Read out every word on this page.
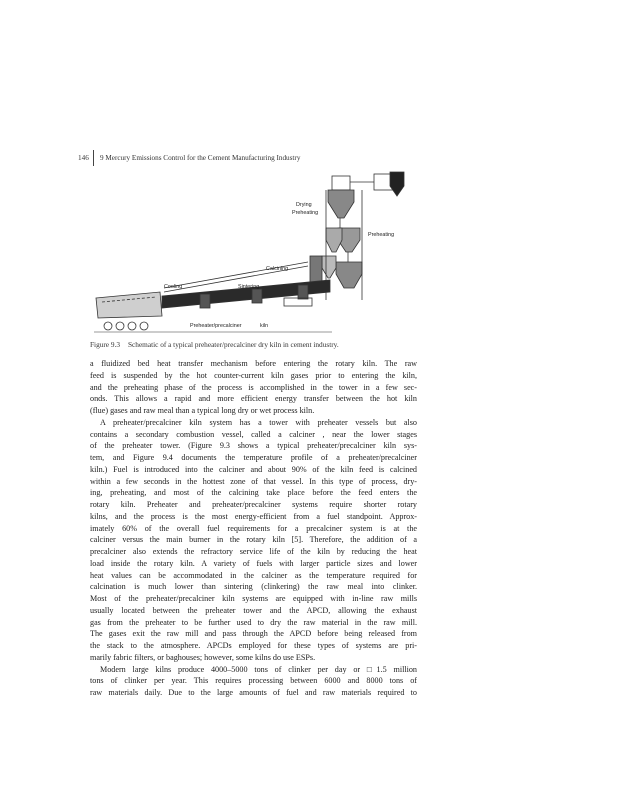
146 9 Mercury Emissions Control for the Cement Manufacturing Industry
Drying
Preheating
Preheating
Calcining
Sintering
Cooling
Preheater/precalciner	kiln
Figure 9.3 Schematic of a typical preheater/precalciner dry kiln in cement industry.
a fluidized bed heat transfer mechanism before entering the rotary kiln. The raw
feed is suspended by the hot counter-current kiln gases prior to entering the kiln,
and the preheating phase of the process is accomplished in the tower in a few sec-
onds. This allows a rapid and more efficient energy transfer between the hot kiln
(flue) gases and raw meal than a typical long dry or wet process kiln.
A preheater/precalciner kiln system has a tower with preheater vessels but also
contains a secondary combustion vessel, called a calciner , near the lower stages
of the preheater tower. (Figure 9.3 shows a typical preheater/precalciner kiln sys-
tem, and Figure 9.4 documents the temperature profile of a preheater/precalciner
kiln.) Fuel is introduced into the calciner and about 90% of the kiln feed is calcined
within a few seconds in the hottest zone of that vessel. In this type of process, dry-
ing, preheating, and most of the calcining take place before the feed enters the
rotary kiln. Preheater and preheater/precalciner systems require shorter rotary
kilns, and the process is the most energy-efficient from a fuel standpoint. Approx-
imately 60% of the overall fuel requirements for a precalciner system is at the
calciner versus the main burner in the rotary kiln [5]. Therefore, the addition of a
precalciner also extends the refractory service life of the kiln by reducing the heat
load inside the rotary kiln. A variety of fuels with larger particle sizes and lower
heat values can be accommodated in the calciner as the temperature required for
calcination is much lower than sintering (clinkering) the raw meal into clinker.
Most of the preheater/precalciner kiln systems are equipped with in-line raw mills
usually located between the preheater tower and the APCD, allowing the exhaust
gas from the preheater to be further used to dry the raw material in the raw mill.
The gases exit the raw mill and pass through the APCD before being released from
the stack to the atmosphere. APCDs employed for these types of systems are pri-
marily fabric filters, or baghouses; however, some kilns do use ESPs.
Modern large kilns produce 4000–5000 tons of clinker per day or □1.5 million
tons of clinker per year. This requires processing between 6000 and 8000 tons of
raw materials daily. Due to the large amounts of fuel and raw materials required to
